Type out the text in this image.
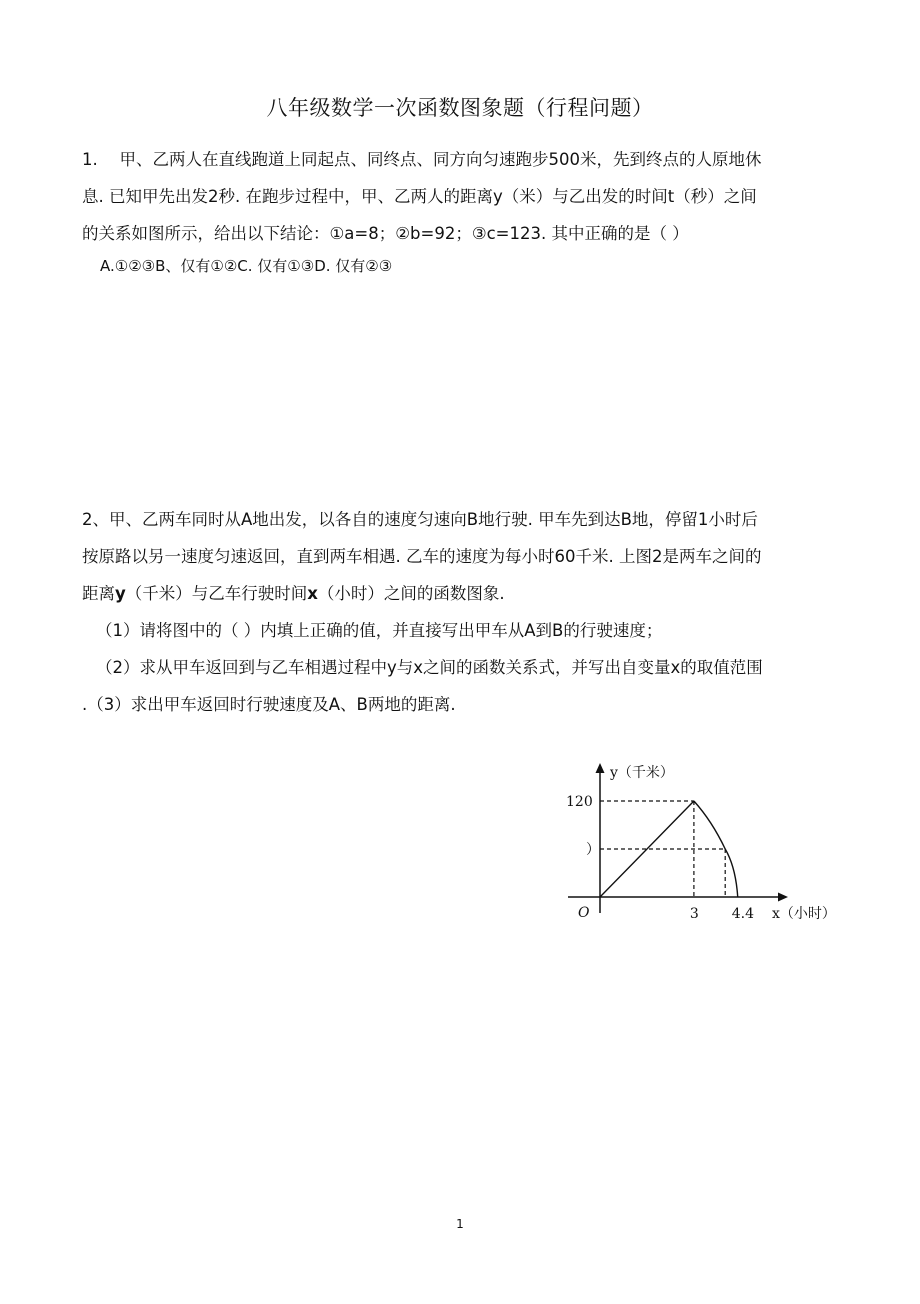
八年级数学一次函数图象题（行程问题）
1.　 甲、乙两人在直线跑道上同起点、同终点、同方向匀速跑步500米，先到终点的人原地休
息. 已知甲先出发2秒. 在跑步过程中，甲、乙两人的距离y（米）与乙出发的时间t（秒）之间
的关系如图所示，给出以下结论：①a=8；②b=92；③c=123. 其中正确的是（ ）
A.①②③B、仅有①②C. 仅有①③D. 仅有②③
2、甲、乙两车同时从A地出发，以各自的速度匀速向B地行驶. 甲车先到达B地，停留1小时后
按原路以另一速度匀速返回，直到两车相遇. 乙车的速度为每小时60千米. 上图2是两车之间的
距离y（千米）与乙车行驶时间x（小时）之间的函数图象.
（1）请将图中的（ ）内填上正确的值，并直接写出甲车从A到B的行驶速度；
（2）求从甲车返回到与乙车相遇过程中y与x之间的函数关系式，并写出自变量x的取值范围
.（3）求出甲车返回时行驶速度及A、B两地的距离.
y（千米）
x（小时）
O
120
）
3 4.4
1
